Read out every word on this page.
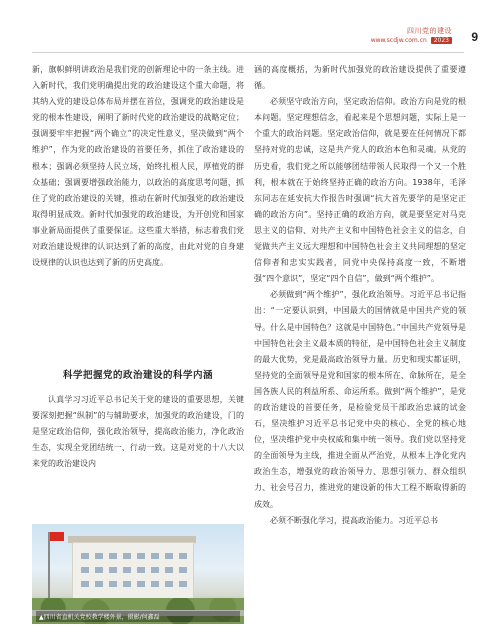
四川党的建设
www.scdjw.com.cn 2023 9

新，旗帜鲜明讲政治是我们党的创新理论中的一条主线。进入新时代，我们党明确提出党的政治建设这个重大命题，将其纳入党的建设总体布局并摆在首位，强调党的政治建设是党的根本性建设，阐明了新时代党的政治建设的战略定位；强调要牢牢把握“两个确立”的决定性意义，坚决做到“两个维护”，作为党的政治建设的首要任务，抓住了政治建设的根本；强调必须坚持人民立场，始终扎根人民，厚植党的群众基础；强调要增强政治能力，以政治的高度思考问题，抓住了党的政治建设的关键，推动在新时代加强党的政治建设取得明显成效。新时代加强党的政治建设，为开创党和国家事业新局面提供了重要保证。这些重大举措，标志着我们党对政治建设规律的认识达到了新的高度，由此对党的自身建设规律的认识也达到了新的历史高度。

科学把握党的政治建设的科学内涵

认真学习习近平总书记关于党的建设的重要思想，关键要深刻把握“纵制”的与辅助要求，加强党的政治建设，门的是坚定政治信仰，强化政治领导，提高政治能力，净化政治生态，实现全党团结统一、行动一致。这是对党的十八大以来党的政治建设内

▲四川省直机关党校教学楼外景，摄影/何鑫磊

涵的高度概括，为新时代加强党的政治建设提供了重要遵循。

必须坚守政治方向，坚定政治信仰。政治方向是党的根本问题。坚定理想信念，看起来是个思想问题，实际上是一个重大的政治问题。坚定政治信仰，就是要在任何情况下都坚持对党的忠诚，这是共产党人的政治本色和灵魂。从党的历史看，我们党之所以能够团结带领人民取得一个又一个胜利，根本就在于始终坚持正确的政治方向。1938年，毛泽东同志在延安抗大作报告时强调“抗大首先要学的是坚定正确的政治方向”。坚持正确的政治方向，就是要坚定对马克思主义的信仰、对共产主义和中国特色社会主义的信念，自觉做共产主义远大理想和中国特色社会主义共同理想的坚定信仰者和忠实实践者，同党中央保持高度一致，不断增强“四个意识”，坚定“四个自信”，做到“两个维护”。

必须做到“两个维护”，强化政治领导。习近平总书记指出：“一定要认识到，中国最大的国情就是中国共产党的领导。什么是中国特色？这就是中国特色。”中国共产党领导是中国特色社会主义最本质的特征，是中国特色社会主义制度的最大优势，党是最高政治领导力量。历史和现实都证明，坚持党的全面领导是党和国家的根本所在、命脉所在，是全国各族人民的利益所系、命运所系。做到“两个维护”，是党的政治建设的首要任务，是检验党员干部政治忠诚的试金石，坚决维护习近平总书记党中央的核心、全党的核心地位，坚决维护党中央权威和集中统一领导。我们党以坚持党的全面领导为主线，推进全面从严治党，从根本上净化党内政治生态，增强党的政治领导力、思想引领力、群众组织力、社会号召力，推进党的建设新的伟大工程不断取得新的成效。

必须不断强化学习，提高政治能力。习近平总书
